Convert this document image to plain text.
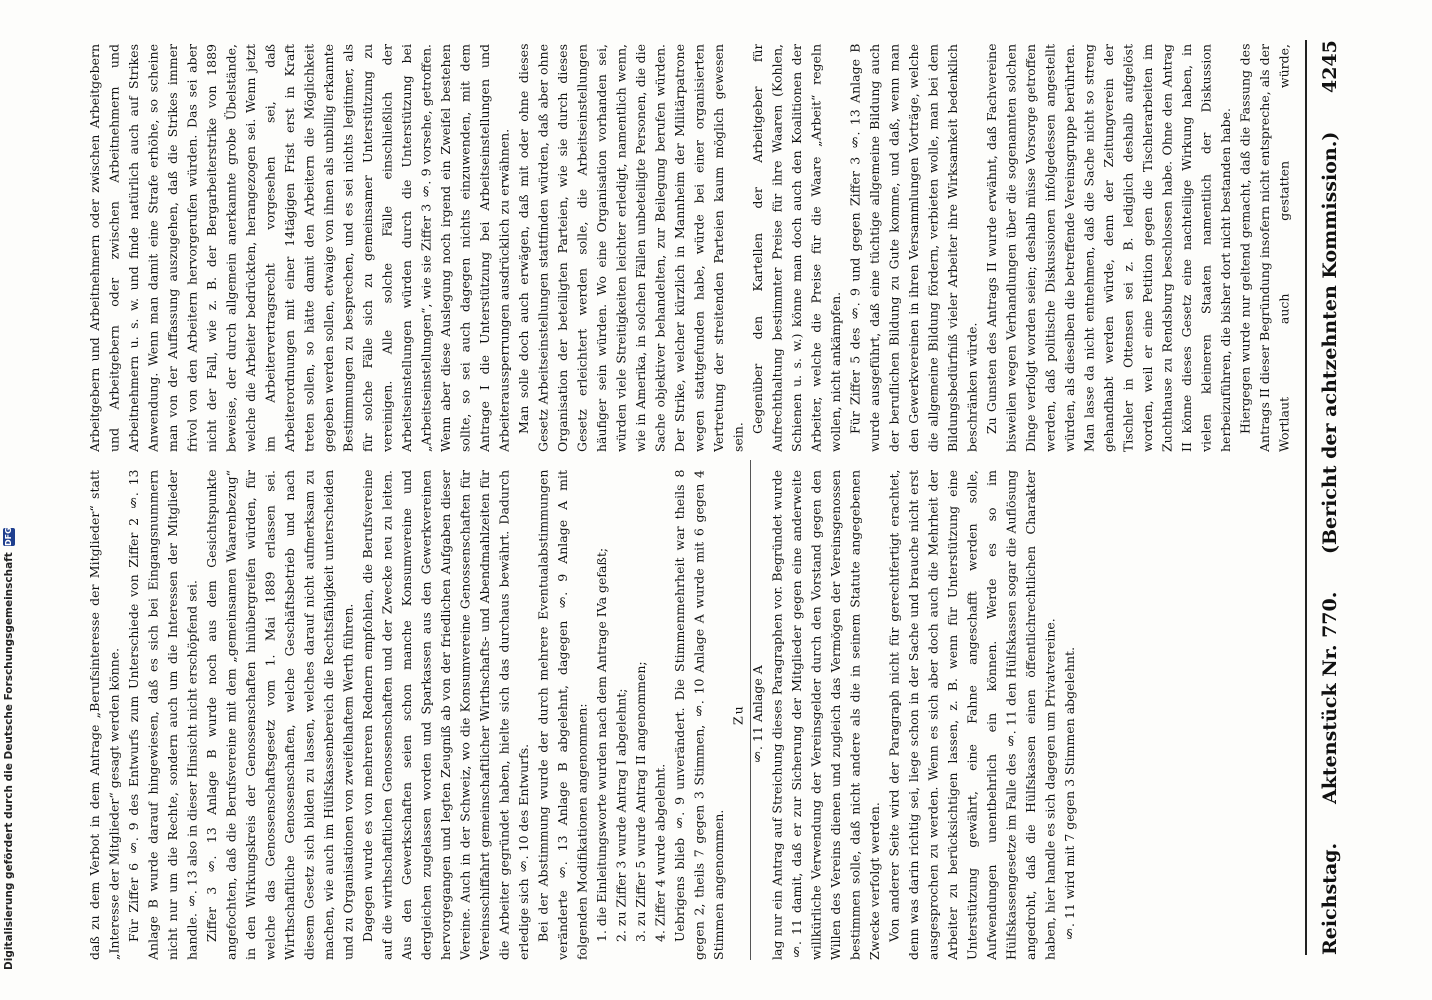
Reichstag.
Aktenstück Nr. 770.
(Bericht der achtzehnten Kommission.)
4245

Arbeitgebern und Arbeitnehmern oder zwischen Arbeitgebern und Arbeitgebern oder zwischen Arbeitnehmern und Arbeitnehmern u. s. w. und finde natürlich auch auf Strikes Anwendung. Wenn man damit eine Strafe erhöhe, so scheine man von der Auffassung auszugehen, daß die Strikes immer frivol von den Arbeitern hervorgerufen würden. Das sei aber nicht der Fall, wie z. B. der Bergarbeiterstrike von 1889 beweise, der durch allgemein anerkannte grobe Übelstände, welche die Arbeiter bedrückten, herangezogen sei. Wenn jetzt im Arbeitervertragsrecht vorgesehen sei, daß Arbeiterordnungen mit einer 14tägigen Frist erst in Kraft treten sollen, so hätte damit den Arbeitern die Möglichkeit gegeben werden sollen, etwaige von ihnen als unbillig erkannte Bestimmungen zu besprechen, und es sei nichts legitimer, als für solche Fälle sich zu gemeinsamer Unterstützung zu vereinigen. Alle solche Fälle einschließlich der Arbeitseinstellungen würden durch die Unterstützung bei „Arbeitseinstellungen“, wie sie Ziffer 3 §. 9 vorsehe, getroffen. Wenn aber diese Auslegung noch irgend ein Zweifel bestehen sollte, so sei auch dagegen nichts einzuwenden, mit dem Antrage I die Unterstützung bei Arbeitseinstellungen und Arbeiteraussperrungen ausdrücklich zu erwähnen. Man solle doch auch erwägen, daß mit oder ohne dieses Gesetz Arbeitseinstellungen stattfinden würden, daß aber ohne Organisation der beteiligten Parteien, wie sie durch dieses Gesetz erleichtert werden solle, die Arbeitseinstellungen häufiger sein würden. Wo eine Organisation vorhanden sei, würden viele Streitigkeiten leichter erledigt, namentlich wenn, wie in Amerika, in solchen Fällen unbeteiligte Personen, die die Sache objektiver behandelten, zur Beilegung berufen würden. Der Strike, welcher kürzlich in Mannheim der Militärpatrone wegen stattgefunden habe, würde bei einer organisierten Vertretung der streitenden Parteien kaum möglich gewesen sein.

Gegenüber den Kartellen der Arbeitgeber für Aufrechthaltung bestimmter Preise für ihre Waaren (Kohlen, Schienen u. s. w.) könne man doch auch den Koalitionen der Arbeiter, welche die Preise für die Waare „Arbeit“ regeln wollen, nicht ankämpfen. Für Ziffer 5 des §. 9 und gegen Ziffer 3 §. 13 Anlage B wurde ausgeführt, daß eine tüchtige allgemeine Bildung auch der beruflichen Bildung zu Gute komme, und daß, wenn man den Gewerkvereinen in ihren Versammlungen Vorträge, welche die allgemeine Bildung fördern, verbieten wolle, man bei dem Bildungsbedürfniß vieler Arbeiter ihre Wirksamkeit bedenklich beschränken würde. Zu Gunsten des Antrags II wurde erwähnt, daß Fachvereine bisweilen wegen Verhandlungen über die sogenannten solchen Dinge verfolgt worden seien; deshalb müsse Vorsorge getroffen werden, daß politische Diskussionen infolgedessen angestellt würden, als dieselben die betreffende Vereinsgruppe berührten. Man lasse da nicht entnehmen, daß die Sache nicht so streng gehandhabt werden würde, denn der Zeitungverein der Tischler in Ottensen sei z. B. lediglich deshalb aufgelöst worden, weil er eine Petition gegen die Tischlerarbeiten im Zuchthause zu Rendsburg beschlossen habe. Ohne den Antrag II könne dieses Gesetz eine nachteilige Wirkung haben, in vielen kleineren Staaten namentlich der Diskussion herbeizuführen, die bisher dort nicht bestanden habe. Hiergegen wurde nur geltend gemacht, daß die Fassung des Antrags II dieser Begründung insofern nicht entspreche, als der Wortlaut auch gestatten würde,

daß zu dem Verbot in dem Antrage „Berufsinteresse der Mitglieder“ statt „Interesse der Mitglieder“ gesagt werden könne. Für Ziffer 6 §. 9 des Entwurfs zum Unterschiede von Ziffer 2 §. 13 Anlage B wurde darauf hingewiesen, daß es sich bei Eingangsnummern nicht nur um die Rechte, sondern auch um die Interessen der Mitglieder handle. §. 13 also in dieser Hinsicht nicht erschöpfend sei. Ziffer 3 §. 13 Anlage B wurde noch aus dem Gesichtspunkte angefochten, daß die Berufsvereine mit dem „gemeinsamen Waarenbezug“ in den Wirkungskreis der Genossenschaften hinübergreifen würden, für welche das Genossenschaftsgesetz vom 1. Mai 1889 erlassen sei. Wirthschaftliche Genossenschaften, welche Geschäftsbetrieb und nach diesem Gesetz sich bilden zu lassen, welches darauf nicht aufmerksam zu machen, wie auch im Hülfskassenbereich die Rechtsfähigkeit unterscheiden und zu Organisationen von zweifelhaftem Werth führen. Dagegen wurde es von mehreren Rednern empfohlen, die Berufsvereine auf die wirthschaftlichen Genossenschaften und der Zwecke neu zu leiten. Aus den Gewerkschaften seien schon manche Konsumvereine und dergleichen zugelassen worden und Sparkassen aus den Gewerkvereinen hervorgegangen und legten Zeugniß ab von der friedlichen Aufgaben dieser Vereine. Auch in der Schweiz, wo die Konsumvereine Genossenschaften für Vereinsschiffahrt gemeinschaftlicher Wirthschafts- und Abendmahlzeiten für die Arbeiter gegründet haben, hielte sich das durchaus bewährt. Dadurch erledige sich §. 10 des Entwurfs. Bei der Abstimmung wurde der durch mehrere Eventualabstimmungen veränderte §. 13 Anlage B abgelehnt, dagegen §. 9 Anlage A mit folgenden Modifikationen angenommen: 1. die Einleitungsworte wurden nach dem Antrage IVa gefaßt; 2. zu Ziffer 3 wurde Antrag I abgelehnt; 3. zu Ziffer 5 wurde Antrag II angenommen; 4. Ziffer 4 wurde abgelehnt. Uebrigens blieb §. 9 unverändert. Die Stimmenmehrheit war theils 8 gegen 2, theils 7 gegen 3 Stimmen, §. 10 Anlage A wurde mit 6 gegen 4 Stimmen angenommen.

Zu §. 11 Anlage A lag nur ein Antrag auf Streichung dieses Paragraphen vor. Begründet wurde §. 11 damit, daß er zur Sicherung der Mitglieder gegen eine anderweite willkürliche Verwendung der Vereinsgelder durch den Vorstand gegen den Willen des Vereins dienen und zugleich das Vermögen der Vereinsgenossen bestimmen solle, daß nicht andere als die in seinem Statute angegebenen Zwecke verfolgt werden. Von anderer Seite wird der Paragraph nicht für gerechtfertigt erachtet, denn was darin richtig sei, liege schon in der Sache und brauche nicht erst ausgesprochen zu werden. Wenn es sich aber doch auch die Mehrheit der Arbeiter zu berücksichtigen lassen, z. B. wenn für Unterstützung eine Unterstützung gewährt, eine Fahne angeschafft werden solle, Aufwendungen unentbehrlich ein können. Werde es so im Hülfskassengesetze im Falle des §. 11 den Hülfskassen sogar die Auflösung angedroht, daß die Hülfskassen einen öffentlichrechtlichen Charakter haben, hier handle es sich dagegen um Privatvereine. §. 11 wird mit 7 gegen 3 Stimmen abgelehnt.

Digitalisierung gefördert durch die Deutsche Forschungsgemeinschaft
DFG
